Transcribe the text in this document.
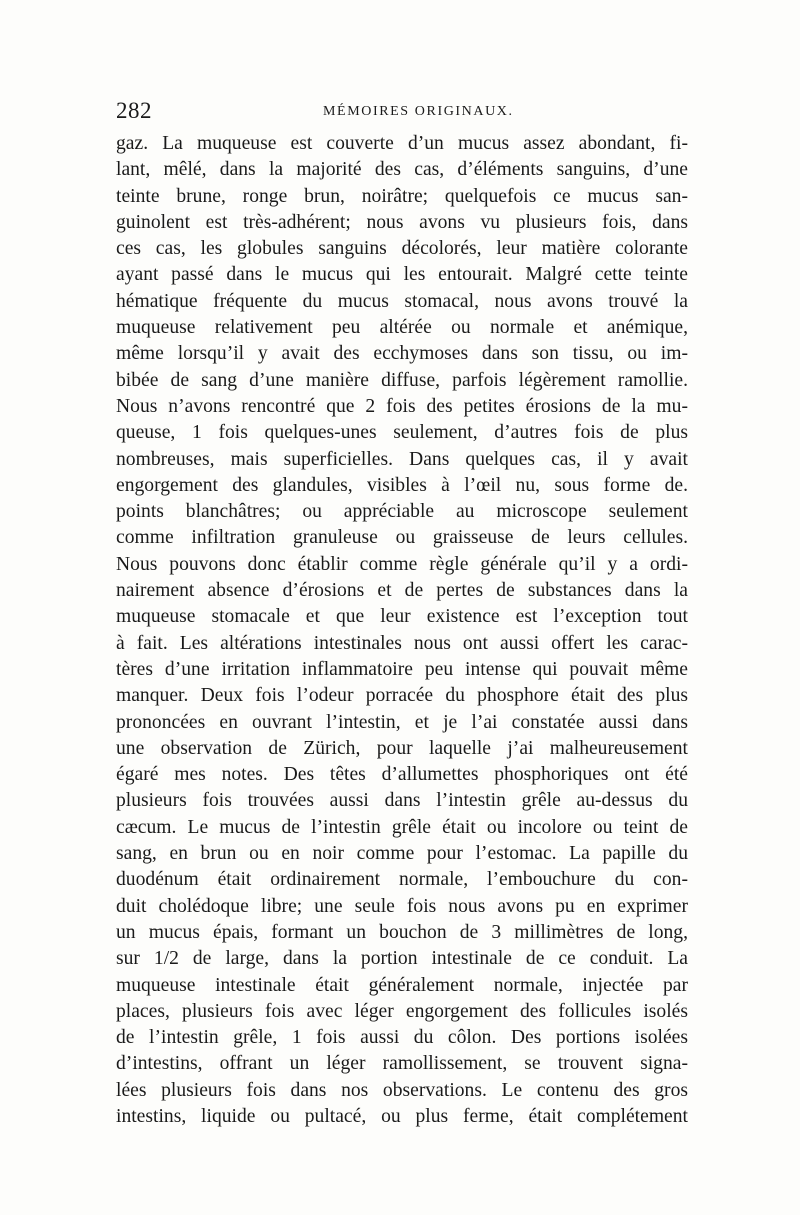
282	MÉMOIRES ORIGINAUX.
gaz. La muqueuse est couverte d’un mucus assez abondant, fi-
lant, mêlé, dans la majorité des cas, d’éléments sanguins, d’une
teinte brune, ronge brun, noirâtre; quelquefois ce mucus san-
guinolent est très-adhérent; nous avons vu plusieurs fois, dans
ces cas, les globules sanguins décolorés, leur matière colorante
ayant passé dans le mucus qui les entourait. Malgré cette teinte
hématique fréquente du mucus stomacal, nous avons trouvé la
muqueuse relativement peu altérée ou normale et anémique,
même lorsqu’il y avait des ecchymoses dans son tissu, ou im-
bibée de sang d’une manière diffuse, parfois légèrement ramollie.
Nous n’avons rencontré que 2 fois des petites érosions de la mu-
queuse, 1 fois quelques-unes seulement, d’autres fois de plus
nombreuses, mais superficielles. Dans quelques cas, il y avait
engorgement des glandules, visibles à l’œil nu, sous forme de.
points blanchâtres; ou appréciable au microscope seulement
comme infiltration granuleuse ou graisseuse de leurs cellules.
Nous pouvons donc établir comme règle générale qu’il y a ordi-
nairement absence d’érosions et de pertes de substances dans la
muqueuse stomacale et que leur existence est l’exception tout
à fait. Les altérations intestinales nous ont aussi offert les carac-
tères d’une irritation inflammatoire peu intense qui pouvait même
manquer. Deux fois l’odeur porracée du phosphore était des plus
prononcées en ouvrant l’intestin, et je l’ai constatée aussi dans
une observation de Zürich, pour laquelle j’ai malheureusement
égaré mes notes. Des têtes d’allumettes phosphoriques ont été
plusieurs fois trouvées aussi dans l’intestin grêle au-dessus du
cæcum. Le mucus de l’intestin grêle était ou incolore ou teint de
sang, en brun ou en noir comme pour l’estomac. La papille du
duodénum était ordinairement normale, l’embouchure du con-
duit cholédoque libre; une seule fois nous avons pu en exprimer
un mucus épais, formant un bouchon de 3 millimètres de long,
sur 1/2 de large, dans la portion intestinale de ce conduit. La
muqueuse intestinale était généralement normale, injectée par
places, plusieurs fois avec léger engorgement des follicules isolés
de l’intestin grêle, 1 fois aussi du côlon. Des portions isolées
d’intestins, offrant un léger ramollissement, se trouvent signa-
lées plusieurs fois dans nos observations. Le contenu des gros
intestins, liquide ou pultacé, ou plus ferme, était complétement
